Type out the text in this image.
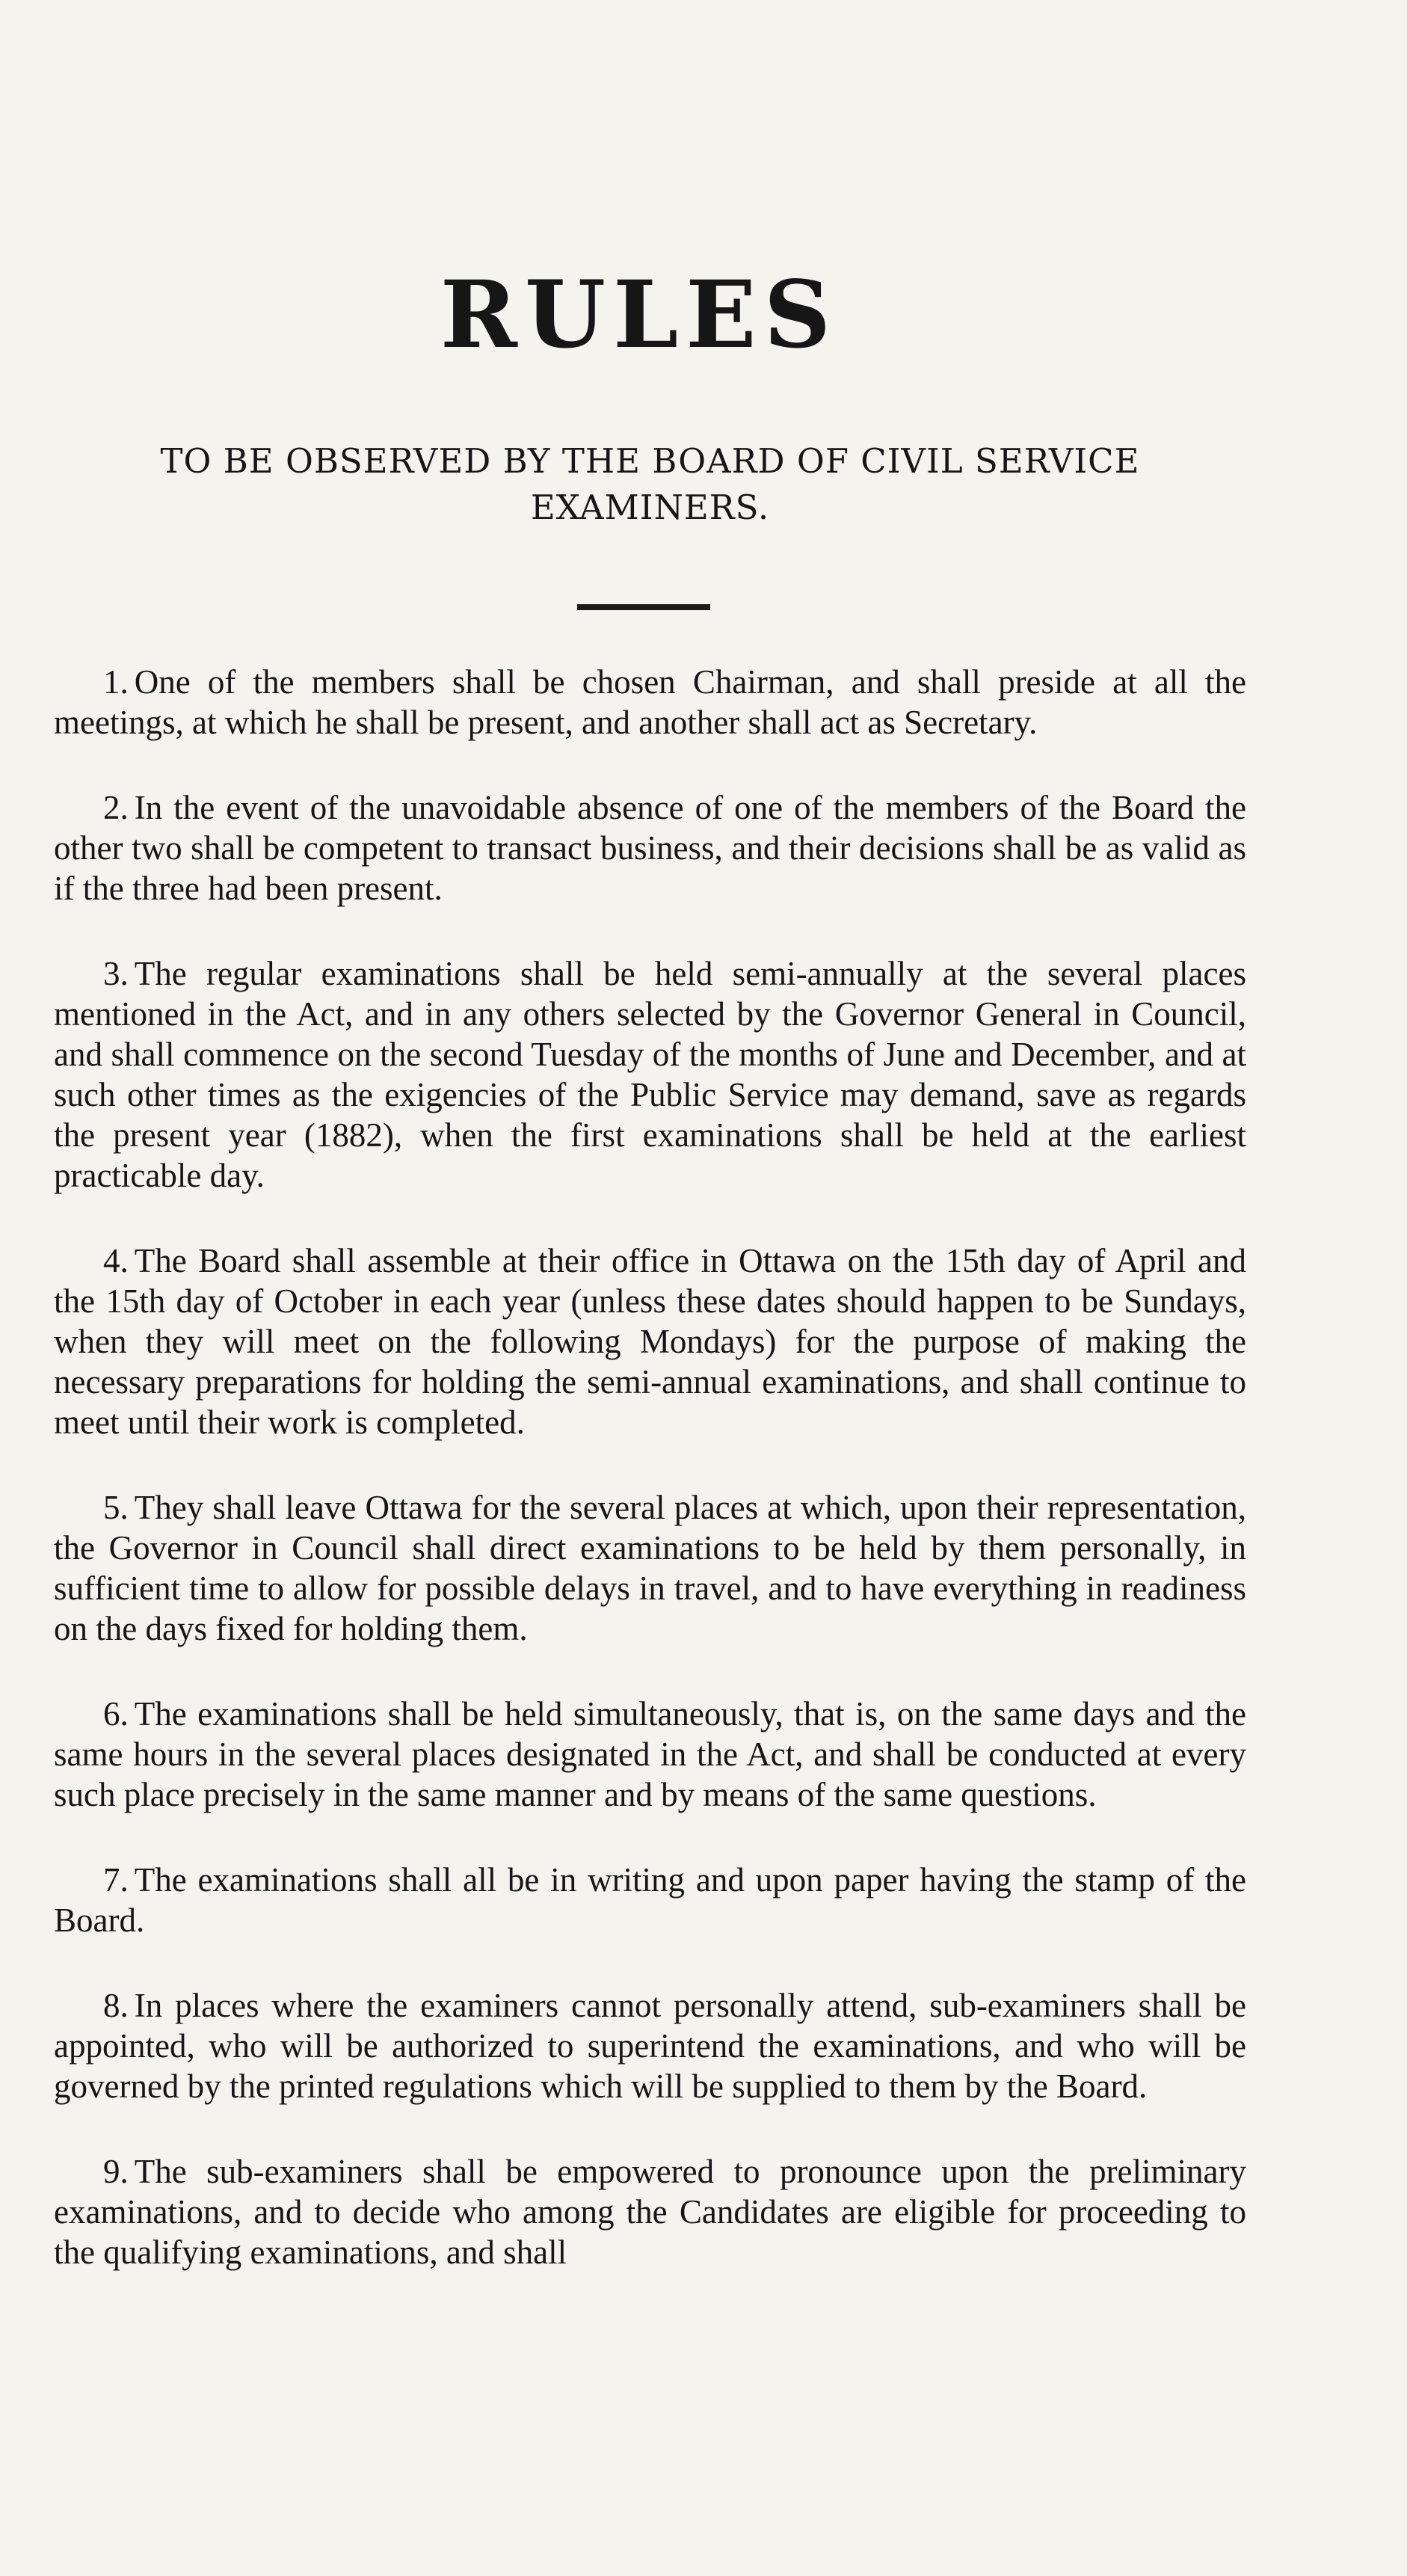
RULES
TO BE OBSERVED BY THE BOARD OF CIVIL SERVICE EXAMINERS.

1. One of the members shall be chosen Chairman, and shall preside at all the meetings, at which he shall be present, and another shall act as Secretary.

2. In the event of the unavoidable absence of one of the members of the Board the other two shall be competent to transact business, and their decisions shall be as valid as if the three had been present.

3. The regular examinations shall be held semi-annually at the several places mentioned in the Act, and in any others selected by the Governor General in Council, and shall commence on the second Tuesday of the months of June and December, and at such other times as the exigencies of the Public Service may demand, save as regards the present year (1882), when the first examinations shall be held at the earliest practicable day.

4. The Board shall assemble at their office in Ottawa on the 15th day of April and the 15th day of October in each year (unless these dates should happen to be Sundays, when they will meet on the following Mondays) for the purpose of making the necessary preparations for holding the semi-annual examinations, and shall continue to meet until their work is completed.

5. They shall leave Ottawa for the several places at which, upon their representation, the Governor in Council shall direct examinations to be held by them personally, in sufficient time to allow for possible delays in travel, and to have everything in readiness on the days fixed for holding them.

6. The examinations shall be held simultaneously, that is, on the same days and the same hours in the several places designated in the Act, and shall be conducted at every such place precisely in the same manner and by means of the same questions.

7. The examinations shall all be in writing and upon paper having the stamp of the Board.

8. In places where the examiners cannot personally attend, sub-examiners shall be appointed, who will be authorized to superintend the examinations, and who will be governed by the printed regulations which will be supplied to them by the Board.

9. The sub-examiners shall be empowered to pronounce upon the preliminary examinations, and to decide who among the Candidates are eligible for proceeding to the qualifying examinations, and shall
